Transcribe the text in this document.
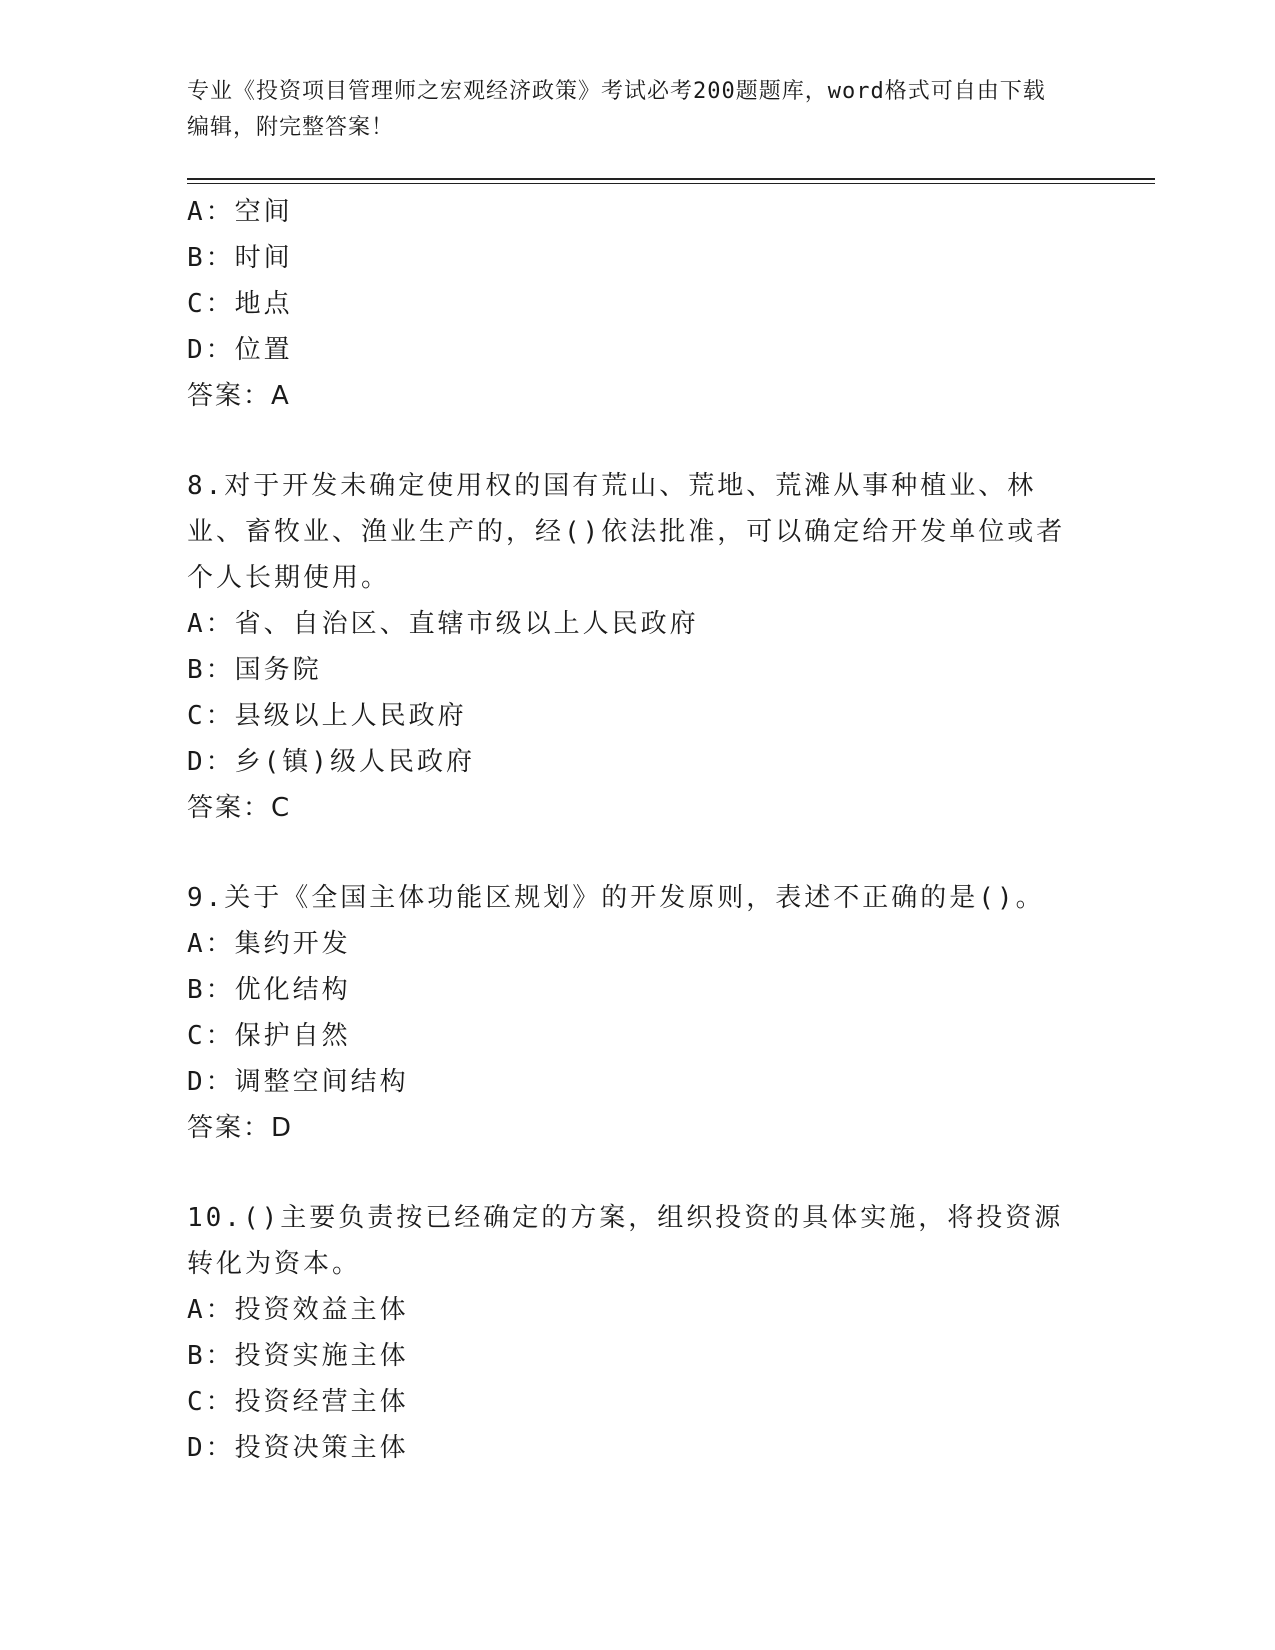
专业《投资项目管理师之宏观经济政策》考试必考200题题库，word格式可自由下载编辑，附完整答案！
A：空间
B：时间
C：地点
D：位置
答案：A
8.对于开发未确定使用权的国有荒山、荒地、荒滩从事种植业、林业、畜牧业、渔业生产的，经()依法批准，可以确定给开发单位或者个人长期使用。
A：省、自治区、直辖市级以上人民政府
B：国务院
C：县级以上人民政府
D：乡(镇)级人民政府
答案：C
9.关于《全国主体功能区规划》的开发原则，表述不正确的是()。
A：集约开发
B：优化结构
C：保护自然
D：调整空间结构
答案：D
10.()主要负责按已经确定的方案，组织投资的具体实施，将投资源转化为资本。
A：投资效益主体
B：投资实施主体
C：投资经营主体
D：投资决策主体
